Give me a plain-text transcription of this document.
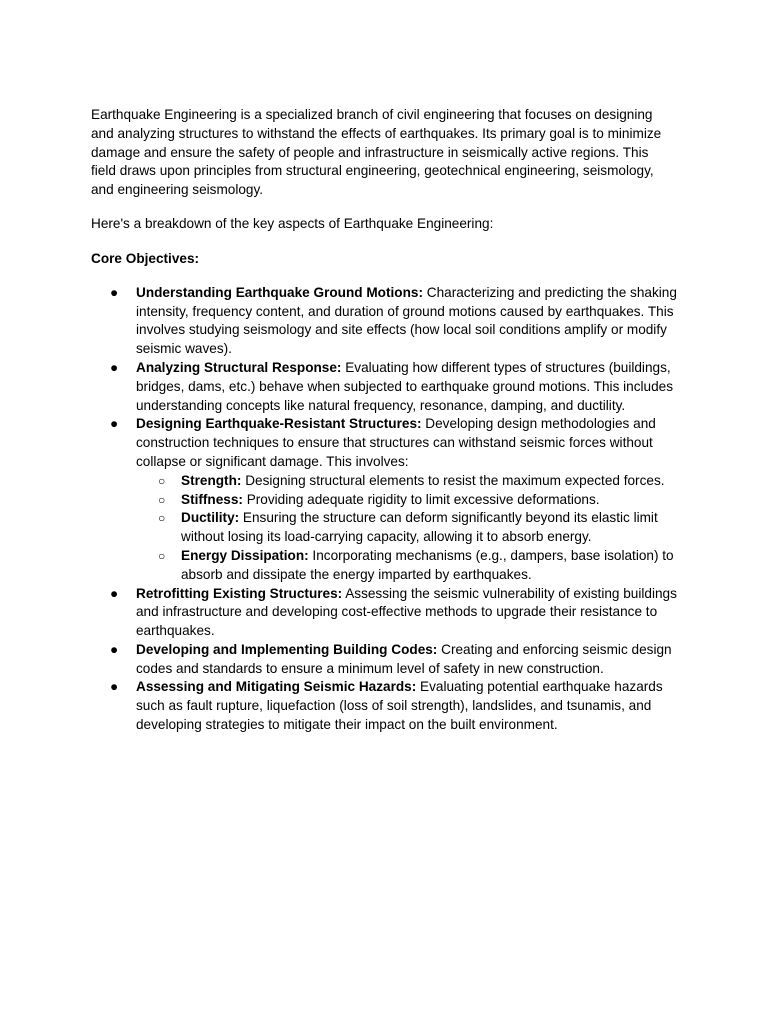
Earthquake Engineering is a specialized branch of civil engineering that focuses on designing and analyzing structures to withstand the effects of earthquakes. Its primary goal is to minimize damage and ensure the safety of people and infrastructure in seismically active regions. This field draws upon principles from structural engineering, geotechnical engineering, seismology, and engineering seismology.

Here's a breakdown of the key aspects of Earthquake Engineering:

Core Objectives:

● Understanding Earthquake Ground Motions: Characterizing and predicting the shaking intensity, frequency content, and duration of ground motions caused by earthquakes. This involves studying seismology and site effects (how local soil conditions amplify or modify seismic waves).
● Analyzing Structural Response: Evaluating how different types of structures (buildings, bridges, dams, etc.) behave when subjected to earthquake ground motions. This includes understanding concepts like natural frequency, resonance, damping, and ductility.
● Designing Earthquake-Resistant Structures: Developing design methodologies and construction techniques to ensure that structures can withstand seismic forces without collapse or significant damage. This involves:
○ Strength: Designing structural elements to resist the maximum expected forces.
○ Stiffness: Providing adequate rigidity to limit excessive deformations.
○ Ductility: Ensuring the structure can deform significantly beyond its elastic limit without losing its load-carrying capacity, allowing it to absorb energy.
○ Energy Dissipation: Incorporating mechanisms (e.g., dampers, base isolation) to absorb and dissipate the energy imparted by earthquakes.
● Retrofitting Existing Structures: Assessing the seismic vulnerability of existing buildings and infrastructure and developing cost-effective methods to upgrade their resistance to earthquakes.
● Developing and Implementing Building Codes: Creating and enforcing seismic design codes and standards to ensure a minimum level of safety in new construction.
● Assessing and Mitigating Seismic Hazards: Evaluating potential earthquake hazards such as fault rupture, liquefaction (loss of soil strength), landslides, and tsunamis, and developing strategies to mitigate their impact on the built environment.
